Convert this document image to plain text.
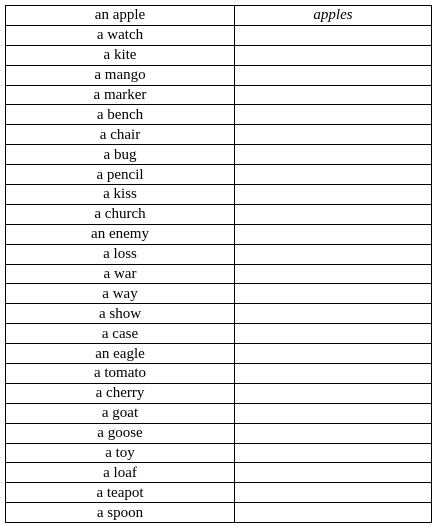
an apple	apples
a watch	
a kite	
a mango	
a marker	
a bench	
a chair	
a bug	
a pencil	
a kiss	
a church	
an enemy	
a loss	
a war	
a way	
a show	
a case	
an eagle	
a tomato	
a cherry	
a goat	
a goose	
a toy	
a loaf	
a teapot	
a spoon	
